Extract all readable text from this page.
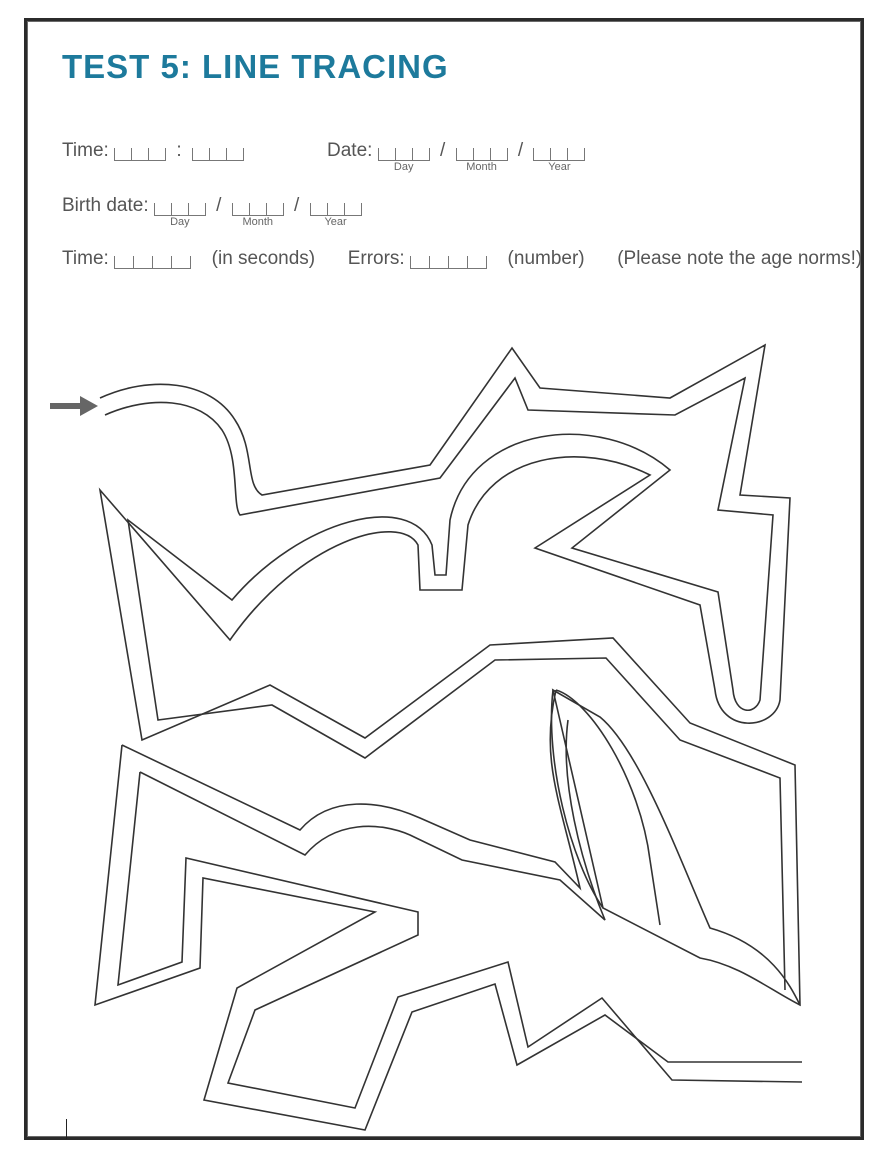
TEST 5: LINE TRACING
Time:	:	Date:
Day
/
Month
/
Year
Birth date:
Day
/
Month
/
Year
Time:	(in seconds) Errors:	(number) (Please note the age norms!)
